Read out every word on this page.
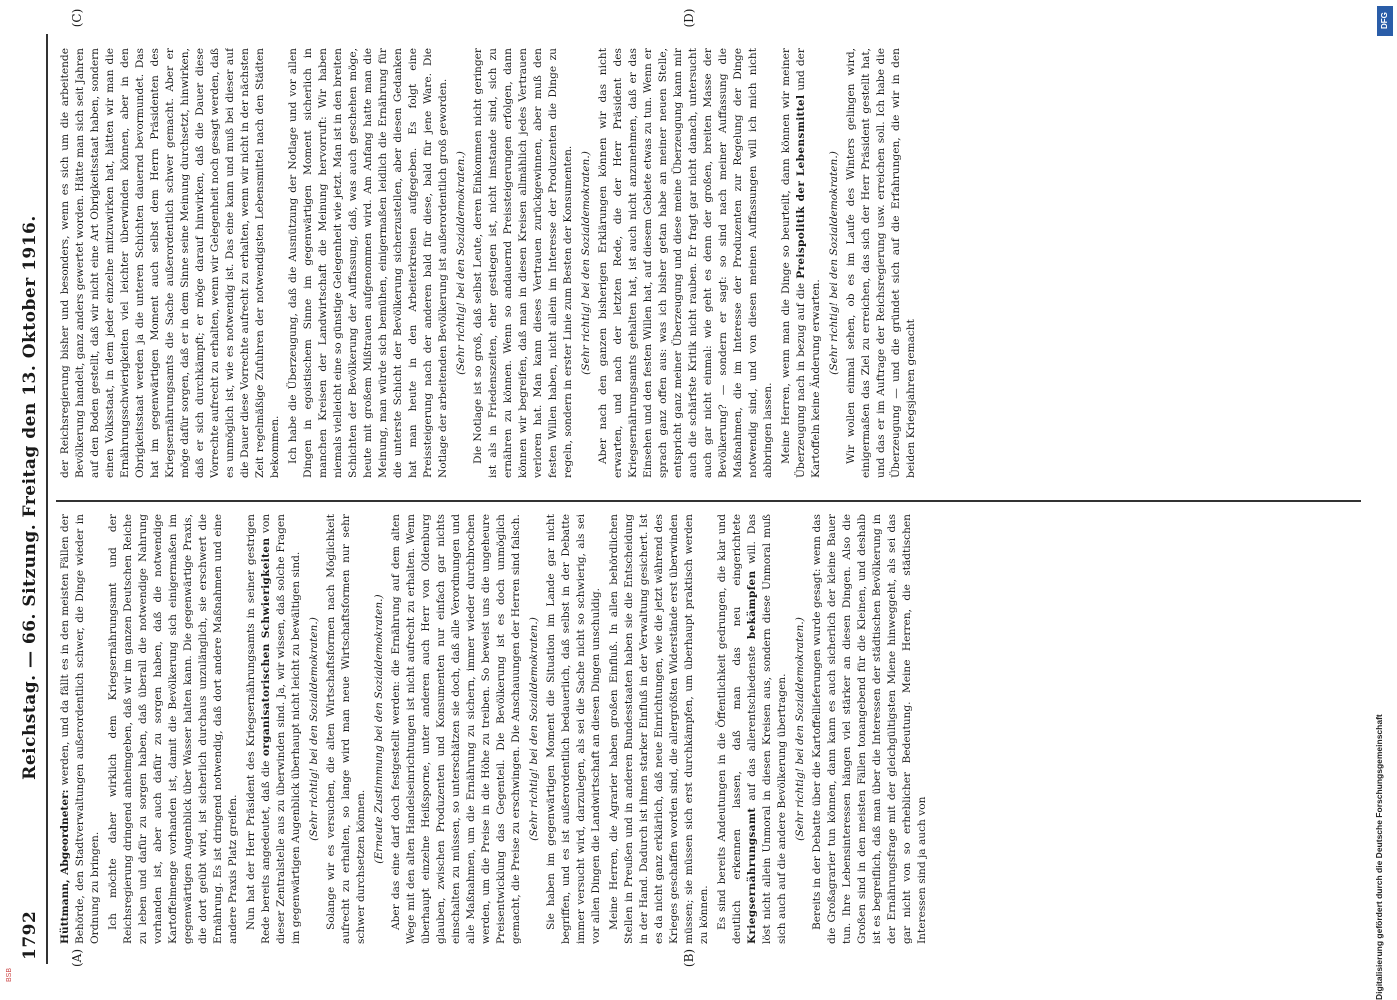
1792
Reichstag. — 66. Sitzung. Freitag den 13. Oktober 1916.
(A)	(B)
(C)	(D)

Hüttmann, Abgeordneter: werden, und da fällt es in den meisten Fällen der Behörde, den Stadtverwaltungen außerordentlich schwer, die Dinge wieder in Ordnung zu bringen. Ich möchte daher wirklich dem Kriegsernährungsamt und der Reichsregierung dringend anheimgeben, daß wir im ganzen Deutschen Reiche zu leben und dafür zu sorgen haben, daß überall die notwendige Nahrung vorhanden ist, aber auch dafür zu sorgen haben, daß die notwendige Kartoffelmenge vorhanden ist, damit die Bevölkerung sich einigermaßen im gegenwärtigen Augenblick über Wasser halten kann. Die gegenwärtige Praxis, die dort geübt wird, ist sicherlich durchaus unzulänglich, sie erschwert die Ernährung. Es ist dringend notwendig, daß dort andere Maßnahmen und eine andere Praxis Platz greifen. Nun hat der Herr Präsident des Kriegsernährungsamts in seiner gestrigen Rede bereits angedeutet, daß die organisatorischen Schwierigkeiten von dieser Zentralstelle aus zu überwinden sind. Ja, wir wissen, daß solche Fragen im gegenwärtigen Augenblick überhaupt nicht leicht zu bewältigen sind. (Sehr richtig! bei den Sozialdemokraten.) Solange wir es versuchen, die alten Wirtschaftsformen nach Möglichkeit aufrecht zu erhalten, so lange wird man neue Wirtschaftsformen nur sehr schwer durchsetzen können.

(Erneute Zustimmung bei den Sozialdemokraten.) Aber das eine darf doch festgestellt werden: die Ernährung auf dem alten Wege mit den alten Handelseinrichtungen ist nicht aufrecht zu erhalten. Wenn überhaupt einzelne Heißsporne, unter anderen auch Herr von Oldenburg glauben, zwischen Produzenten und Konsumenten nur einfach gar nichts einschalten zu müssen, so unterschätzen sie doch, daß alle Verordnungen und alle Maßnahmen, um die Ernährung zu sichern, immer wieder durchbrochen werden, um die Preise in die Höhe zu treiben. So beweist uns die ungeheure Preisentwicklung das Gegenteil. Die Bevölkerung ist es doch unmöglich gemacht, die Preise zu erschwingen. Die Anschauungen der Herren sind falsch. (Sehr richtig! bei den Sozialdemokraten.) Sie haben im gegenwärtigen Moment die Situation im Lande gar nicht begriffen, und es ist außerordentlich bedauerlich, daß selbst in der Debatte immer versucht wird, darzulegen, als sei die Sache nicht so schwierig, als sei vor allen Dingen die Landwirtschaft an diesen Dingen unschuldig. Meine Herren, die Agrarier haben großen Einfluß. In allen behördlichen Stellen in Preußen und in anderen Bundesstaaten haben sie die Entscheidung in der Hand. Dadurch ist ihnen starker Einfluß in der Verwaltung gesichert. Ist es da nicht ganz erklärlich, daß neue Einrichtungen, wie die jetzt während des Krieges geschaffen worden sind, die allergrößten Widerstände erst überwinden müssen; sie müssen sich erst durchkämpfen, um überhaupt praktisch werden zu können. Es sind bereits Andeutungen in die Öffentlichkeit gedrungen, die klar und deutlich erkennen lassen, daß man das neu eingerichtete Kriegsernährungsamt auf das allerentschiedenste bekämpfen will. Das löst nicht allein Unmoral in diesen Kreisen aus, sondern diese Unmoral muß sich auch auf die andere Bevölkerung übertragen. (Sehr richtig! bei den Sozialdemokraten.) Bereits in der Debatte über die Kartoffellieferungen wurde gesagt: wenn das die Großagrarier tun können, dann kann es auch sicherlich der kleine Bauer tun. Ihre Lebensinteressen hängen viel stärker an diesen Dingen. Also die Großen sind in den meisten Fällen tonangebend für die Kleinen, und deshalb ist es begreiflich, daß man über die Interessen der städtischen Bevölkerung in der Ernährungsfrage mit der gleichgültigsten Miene hinweggeht, als sei das gar nicht von so erheblicher Bedeutung. Meine Herren, die städtischen Interessen sind ja auch von

der Reichsregierung bisher und besonders, wenn es sich um die arbeitende Bevölkerung handelt, ganz anders gewertet worden. Hätte man sich seit Jahren auf den Boden gestellt, daß wir nicht eine Art Obrigkeitsstaat haben, sondern einen Volksstaat, in dem jeder einzelne mitzuwirken hat, hätten wir man die Ernährungsschwierigkeiten viel leichter überwinden können, aber in den Obrigkeitsstaat werden ja die unteren Schichten dauernd bevormundet. Das hat im gegenwärtigen Moment auch selbst dem Herrn Präsidenten des Kriegsernährungsamts die Sache außerordentlich schwer gemacht. Aber er möge dafür sorgen, daß er in dem Sinne seine Meinung durchsetzt, hinwirken, daß er sich durchkämpft; er möge darauf hinwirken, daß die Dauer diese Vorrechte aufrecht zu erhalten, wenn wir Gelegenheit noch gesagt werden, daß es unmöglich ist, wie es notwendig ist. Das eine kann und muß bei dieser auf die Dauer diese Vorrechte aufrecht zu erhalten, wenn wir nicht in der nächsten Zeit regelmäßige Zufuhren der notwendigsten Lebensmittel nach den Städten bekommen. Ich habe die Überzeugung, daß die Ausnützung der Notlage und vor allen Dingen in egoistischem Sinne im gegenwärtigen Moment sicherlich in manchen Kreisen der Landwirtschaft die Meinung hervorruft: Wir haben niemals vielleicht eine so günstige Gelegenheit wie jetzt. Man ist in den breiten Schichten der Bevölkerung der Auffassung, daß, was auch geschehen möge, heute mit großem Mißtrauen aufgenommen wird. Am Anfang hatte man die Meinung, man würde sich bemühen, einigermaßen leidlich die Ernährung für die unterste Schicht der Bevölkerung sicherzustellen, aber diesen Gedanken hat man heute in den Arbeiterkreisen aufgegeben. Es folgt eine Preissteigerung nach der anderen bald für diese, bald für jene Ware. Die Notlage der arbeitenden Bevölkerung ist außerordentlich groß geworden. (Sehr richtig! bei den Sozialdemokraten.) Die Notlage ist so groß, daß selbst Leute, deren Einkommen nicht geringer ist als in Friedenszeiten, eher gestiegen ist, nicht imstande sind, sich zu ernähren zu können. Wenn so andauernd Preissteigerungen erfolgen, dann können wir begreifen, daß man in diesen Kreisen allmählich jedes Vertrauen verloren hat. Man kann dieses Vertrauen zurückgewinnen, aber muß den festen Willen haben, nicht allein im Interesse der Produzenten die Dinge zu regeln, sondern in erster Linie zum Besten der Konsumenten. (Sehr richtig! bei den Sozialdemokraten.) Aber nach den ganzen bisherigen Erklärungen können wir das nicht erwarten, und nach der letzten Rede, die der Herr Präsident des Kriegsernährungsamts gehalten hat, ist auch nicht anzunehmen, daß er das Einsehen und den festen Willen hat, auf diesem Gebiete etwas zu tun. Wenn er sprach ganz offen aus: was ich bisher getan habe an meiner neuen Stelle, entspricht ganz meiner Überzeugung und diese meine Überzeugung kann mir auch die schärfste Kritik nicht rauben. Er fragt gar nicht danach, untersucht auch gar nicht einmal: wie geht es denn der großen, breiten Masse der Bevölkerung? — sondern er sagt: so sind nach meiner Auffassung die Maßnahmen, die im Interesse der Produzenten zur Regelung der Dinge notwendig sind, und von diesen meinen Auffassungen will ich mich nicht abbringen lassen. Meine Herren, wenn man die Dinge so beurteilt, dann können wir meiner Überzeugung nach in bezug auf die Preispolitik der Lebensmittel und der Kartoffeln keine Änderung erwarten.

(Sehr richtig! bei den Sozialdemokraten.) Wir wollen einmal sehen, ob es im Laufe des Winters gelingen wird, einigermaßen das Ziel zu erreichen, das sich der Herr Präsident gestellt hat, und das er im Auftrage der Reichsregierung usw. erreichen soll. Ich habe die Überzeugung — und die gründet sich auf die Erfahrungen, die wir in den beiden Kriegsjahren gemacht

DFG
Digitalisierung gefördert durch die Deutsche Forschungsgemeinschaft
BSB
